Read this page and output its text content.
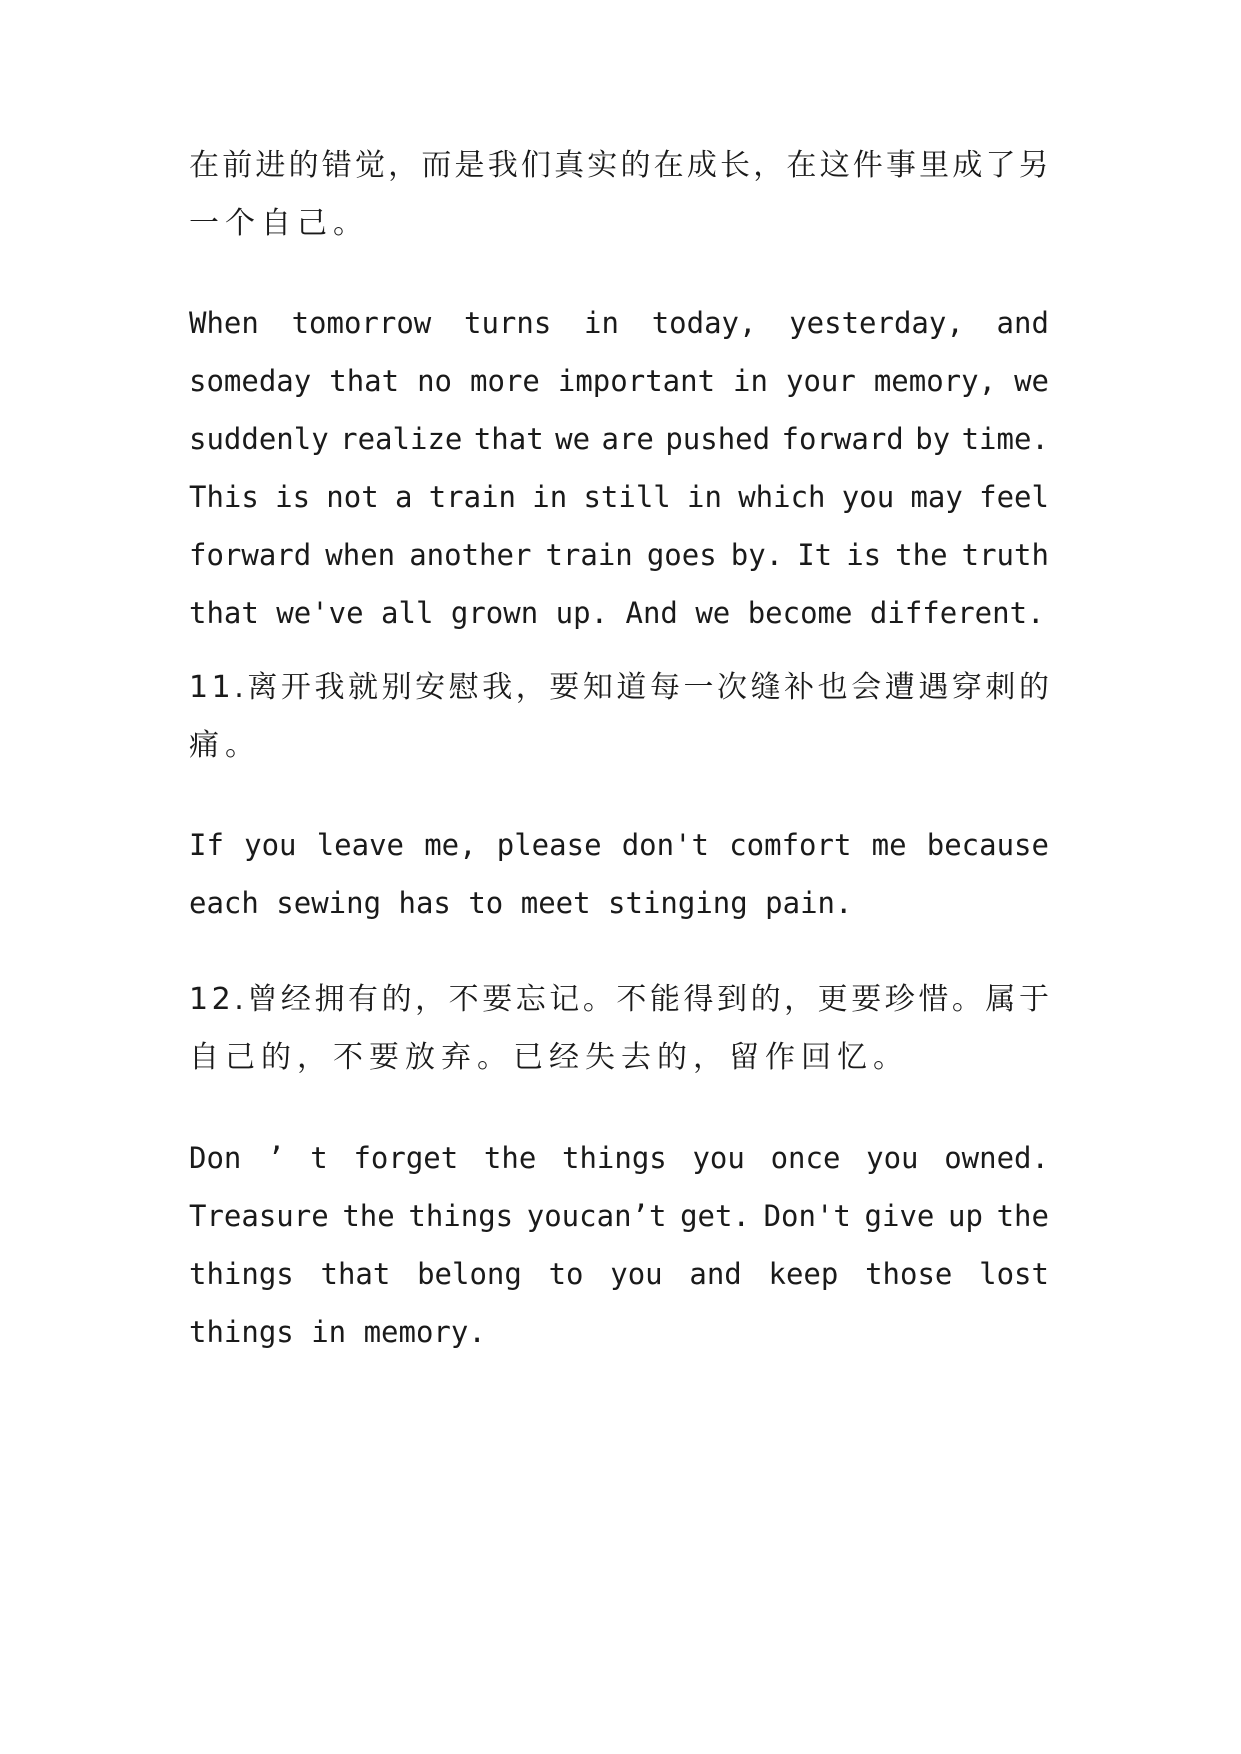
在 前 进 的 错 觉 ， 而 是 我 们 真 实 的 在 成 长 ， 在 这 件 事 里 成 了 另
一个自己。
When tomorrow turns in today, yesterday, and
someday that no more important in your memory, we
suddenly realize that we are pushed forward by time.
This is not a train in still in which you may feel
forward when another train goes by. It is the truth
that we've all grown up. And we become different.
1 1 . 离 开 我 就 别 安 慰 我 ， 要 知 道 每 一 次 缝 补 也 会 遭 遇 穿 刺 的
痛。
If you leave me, please don't comfort me because
each sewing has to meet stinging pain.
1 2 . 曾 经 拥 有 的 ， 不 要 忘 记 。 不 能 得 到 的 ， 更 要 珍 惜 。 属 于
自己的，不要放弃。已经失去的，留作回忆。
Don ’ t forget the things you once you owned.
Treasure the things youcan’t get. Don't give up the
things that belong to you and keep those lost
things in memory.
